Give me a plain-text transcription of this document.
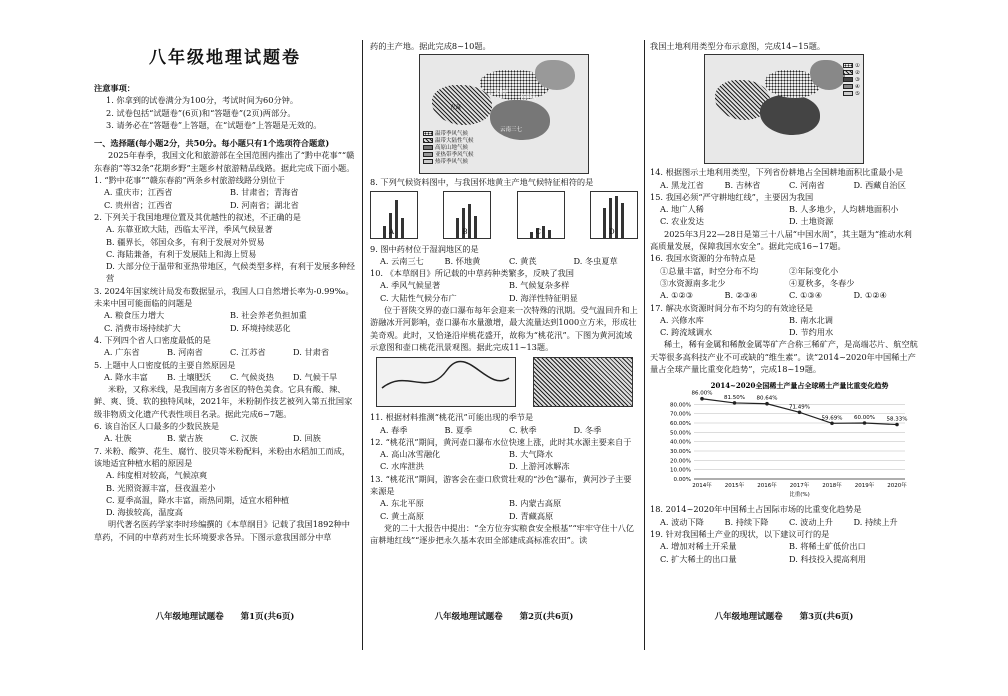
八年级地理试题卷
注意事项：
1. 你拿到的试卷满分为100分，考试时间为60分钟。
2. 试卷包括“试题卷”(6页)和“答题卷”(2页)两部分。
3. 请务必在“答题卷”上答题，在“试题卷”上答题是无效的。
一、选择题(每小题2分，共50分。每小题只有1个选项符合题意)
2025年春季，我国文化和旅游部在全国范围内推出了“黔中花事”“赣东春韵”等32条“花期乡野”主题乡村旅游精品线路。据此完成下面小题。
1. “黔中花事”“赣东春韵”两条乡村旅游线路分别位于
A. 重庆市；江西省	B. 甘肃省；青海省
C. 贵州省；江西省	D. 河南省；湖北省
2. 下列关于我国地理位置及其优越性的叙述，不正确的是
A. 东靠亚欧大陆，西临太平洋，季风气候显著
B. 疆界长，邻国众多，有利于发展对外贸易
C. 海陆兼备，有利于发展陆上和海上贸易
D. 大部分位于温带和亚热带地区，气候类型多样，有利于发展多种经营
3. 2024年国家统计局发布数据显示，我国人口自然增长率为-0.99‰。未来中国可能面临的问题是
A. 粮食压力增大	B. 社会养老负担加重
C. 消费市场持续扩大	D. 环境持续恶化
4. 下列四个省人口密度最低的是
A. 广东省	B. 河南省	C. 江苏省	D. 甘肃省
5. 上题中人口密度低的主要自然原因是
A. 降水丰富	B. 土壤肥沃	C. 气候炎热	D. 气候干旱
米粉，又称米线，是我国南方多省区的特色美食。它具有酸、辣、鲜、爽、烫、软的独特风味，2021年，米粉制作技艺被列入第五批国家级非物质文化遗产代表性项目名录。据此完成6~7题。
6. 该自治区人口最多的少数民族是
A. 壮族	B. 蒙古族	C. 汉族	D. 回族
7. 米粉、酸笋、花生、腐竹、胶贝等米粉配料，米粉由水稻加工而成，该地适宜种植水稻的原因是
A. 纬度相对较高，气候凉爽
B. 光照资源丰富，昼夜温差小
C. 夏季高温，降水丰富，雨热同期，适宜水稻种植
D. 海拔较高，温度高
明代著名医药学家李时珍编撰的《本草纲目》记载了我国1892种中草药，不同的中草药对生长环境要求各异。下图示意我国部分中草
八年级地理试题卷　　第1页(共6页)
药的主产地。据此完成8~10题。
宁夏枸杞
青藏
怀地黄
云南三七
温带季风气候
温带大陆性气候
高原山地气候
亚热带季风气候
热带季风气候
8. 下列气候资料图中，与我国怀地黄主产地气候特征相符的是
A	B	C	D
9. 图中药材位于湿润地区的是
A. 云南三七	B. 怀地黄	C. 黄芪	D. 冬虫夏草
10. 《本草纲目》所记载的中草药种类繁多，反映了我国
A. 季风气候显著	B. 气候复杂多样
C. 大陆性气候分布广	D. 海洋性特征明显
位于晋陕交界的壶口瀑布每年会迎来一次特殊的汛期。受气温回升和上游融冰开河影响，壶口瀑布水量激增，最大流量达到1000立方米，形成壮美奇观。此时，又恰逢沿岸桃花盛开，故称为“桃花汛”。下图为黄河流域示意图和壶口桃花汛景观图。据此完成11~13题。
11. 根据材料推测“桃花汛”可能出现的季节是
A. 春季	B. 夏季	C. 秋季	D. 冬季
12. “桃花汛”期间，黄河壶口瀑布水位快速上涨，此时其水源主要来自于
A. 高山冰雪融化	B. 大气降水
C. 水库泄洪	D. 上游河冰解冻
13. “桃花汛”期间，游客会在壶口欣赏壮观的“沙色”瀑布，黄河沙子主要来源是
A. 东北平原	B. 内蒙古高原
C. 黄土高原	D. 青藏高原
党的二十大报告中提出：“全方位夯实粮食安全根基”“牢牢守住十八亿亩耕地红线”“逐步把永久基本农田全部建成高标准农田”。读
八年级地理试题卷　　第2页(共6页)
我国土地利用类型分布示意图，完成14~15题。
①
②
③
④
⑤
14. 根据图示土地利用类型，下列省份耕地占全国耕地面积比重最小是
A. 黑龙江省	B. 吉林省	C. 河南省	D. 西藏自治区
15. 我国必须“严守耕地红线”，主要因为我国
A. 地广人稀	B. 人多地少，人均耕地面积小
C. 农业发达	D. 土地资源
2025年3月22—28日是第三十八届“中国水周”，其主题为“推动水利高质量发展，保障我国水安全”。据此完成16~17题。
16. 我国水资源的分布特点是
①总量丰富，时空分布不均	②年际变化小
③水资源南多北少	④夏秋多，冬春少
A. ①②③	B. ②③④	C. ①③④	D. ①②④
17. 解决水资源时间分布不均匀的有效途径是
A. 兴修水库	B. 南水北调
C. 跨流域调水	D. 节约用水
稀土，稀有金属和稀散金属等矿产合称三稀矿产，是高端芯片、航空航天等很多高科技产业不可或缺的“维生素”。读“2014~2020年中国稀土产量占全球产量比重变化趋势”，完成18~19题。
2014~2020全国稀土产量占全球稀土产量比重变化趋势
80.00%
70.00%
60.00%
50.00%
40.00%
30.00%
20.00%
10.00%
0.00%
2014年 2015年 2016年 2017年 2018年 2019年 2020年
86.00%
81.50% 80.64%
71.49%
59.69% 60.00% 58.33%
比重(%)
18. 2014~2020年中国稀土占国际市场的比重变化趋势是
A. 波动下降	B. 持续下降	C. 波动上升	D. 持续上升
19. 针对我国稀土产业的现状，以下建议可行的是
A. 增加对稀土开采量	B. 将稀土矿低价出口
C. 扩大稀土的出口量	D. 科技投入提高利用
八年级地理试题卷　　第3页(共6页)
